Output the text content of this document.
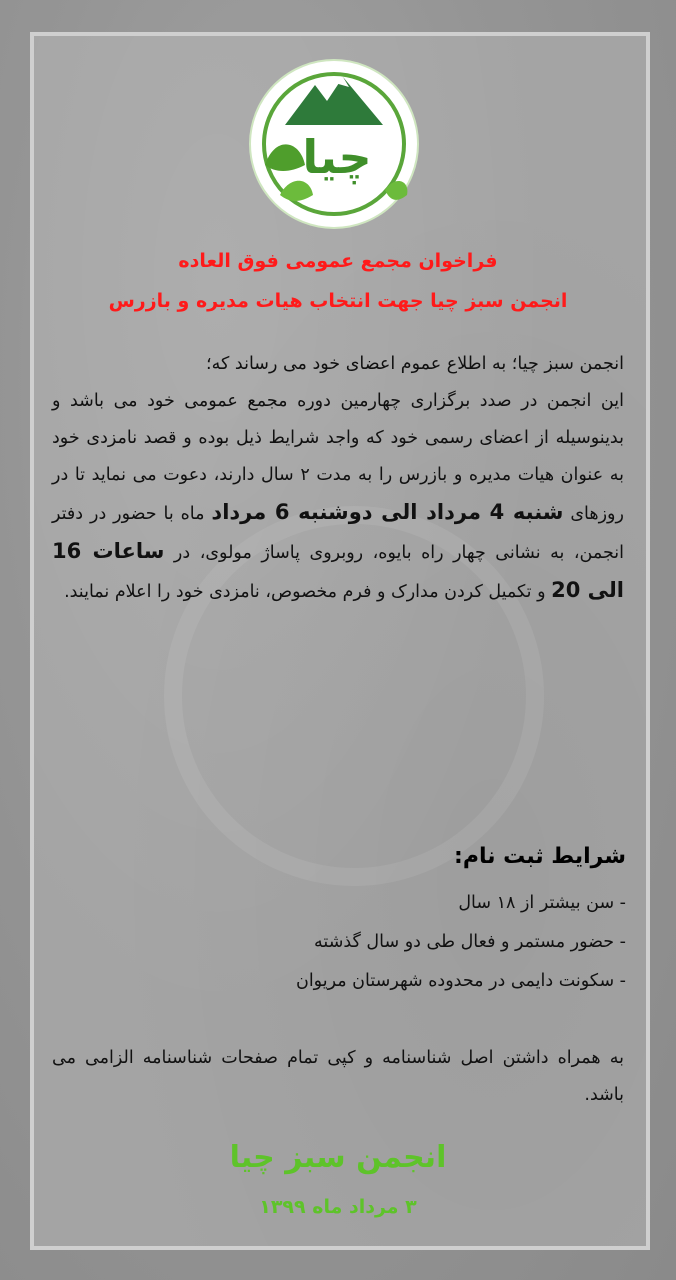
چیا
فراخوان مجمع عمومی فوق العاده
انجمن سبز چیا جهت انتخاب هیات مدیره و بازرس
انجمن سبز چیا؛ به اطلاع عموم اعضای خود می رساند که؛
این انجمن در صدد برگزاری چهارمین دوره مجمع عمومی خود می باشد و بدینوسیله از اعضای رسمی خود که واجد شرایط ذیل بوده و قصد نامزدی خود به عنوان هیات مدیره و بازرس را به مدت ۲ سال دارند، دعوت می نماید تا در روزهای شنبه 4 مرداد الی دوشنبه 6 مرداد ماه با حضور در دفتر انجمن، به نشانی چهار راه بایوه، روبروی پاساژ مولوی، در ساعات 16 الی 20 و تکمیل کردن مدارک و فرم مخصوص، نامزدی خود را اعلام نمایند.
شرایط ثبت نام:
- سن بیشتر از ۱۸ سال
- حضور مستمر و فعال طی دو سال گذشته
- سکونت دایمی در محدوده شهرستان مریوان
به همراه داشتن اصل شناسنامه و کپی تمام صفحات شناسنامه الزامی می باشد.
انجمن سبز چیا
۳ مرداد ماه ۱۳۹۹
